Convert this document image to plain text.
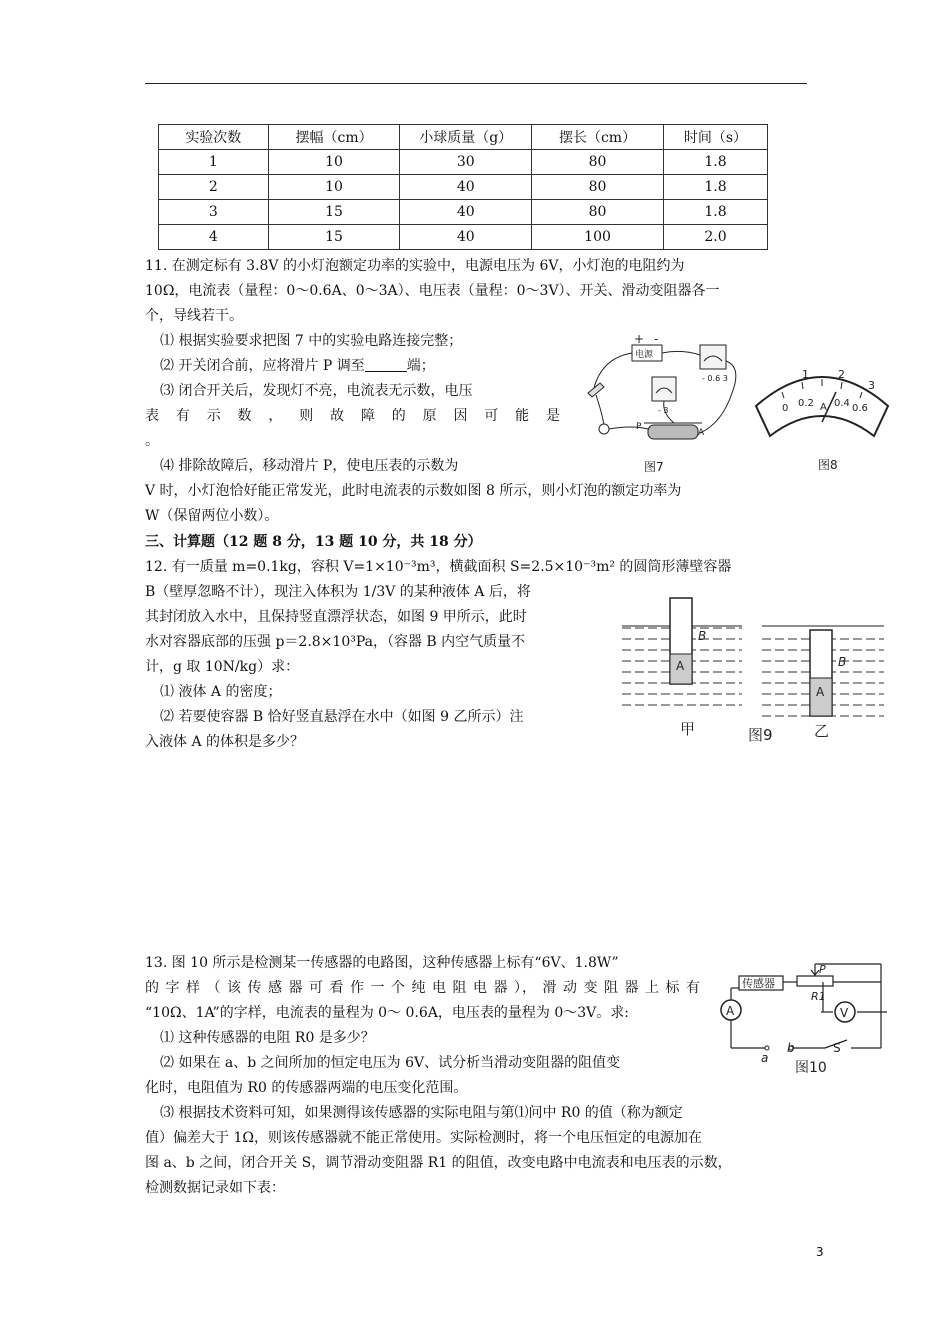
实验次数	摆幅（cm）	小球质量（g）	摆长（cm）	时间（s）
1	10	30	80	1.8
2	10	40	80	1.8
3	15	40	80	1.8
4	15	40	100	2.0
11. 在测定标有 3.8V 的小灯泡额定功率的实验中，电源电压为 6V，小灯泡的电阻约为
10Ω，电流表（量程：0～0.6A、0～3A）、电压表（量程：0～3V）、开关、滑动变阻器各一
个，导线若干。
⑴ 根据实验要求把图 7 中的实验电路连接完整；
⑵ 开关闭合前，应将滑片 P 调至	端；
⑶ 闭合开关后，发现灯不亮，电流表无示数，电压
表 有 示 数 ， 则 故 障 的 原 因 可 能 是
。
⑷ 排除故障后，移动滑片 P，使电压表的示数为
V 时，小灯泡恰好能正常发光，此时电流表的示数如图 8 所示，则小灯泡的额定功率为
W（保留两位小数）。
+ -
电源
- 0.6 3
- 3
P
A
图7
1	2
3
0 0.2 0.4 0.6
A
图8
三、计算题（12 题 8 分，13 题 10 分，共 18 分）
12. 有一质量 m=0.1kg，容积 V=1×10⁻³m³，横截面积 S=2.5×10⁻³m² 的圆筒形薄壁容器
B（壁厚忽略不计），现注入体积为 1/3V 的某种液体 A 后，将
其封闭放入水中，且保持竖直漂浮状态，如图 9 甲所示，此时
水对容器底部的压强 p＝2.8×10³Pa，（容器 B 内空气质量不
计，g 取 10N/kg）求：
⑴ 液体 A 的密度；
⑵ 若要使容器 B 恰好竖直悬浮在水中（如图 9 乙所示）注
入液体 A 的体积是多少？
A
B
A
B
甲	图9	乙
13. 图 10 所示是检测某一传感器的电路图，这种传感器上标有“6V、1.8W”
的 字 样 （ 该 传 感 器 可 看 作 一 个 纯 电 阻 电 器 ）， 滑 动 变 阻 器 上 标 有
“10Ω、1A”的字样，电流表的量程为 0～ 0.6A，电压表的量程为 0～3V。求:
⑴ 这种传感器的电阻 R0 是多少？
⑵ 如果在 a、b 之间所加的恒定电压为 6V、试分析当滑动变阻器的阻值变
化时，电阻值为 R0 的传感器两端的电压变化范围。
⑶ 根据技术资料可知，如果测得该传感器的实际电阻与第⑴问中 R0 的值（称为额定
值）偏差大于 1Ω，则该传感器就不能正常使用。实际检测时，将一个电压恒定的电源加在
图 a、b 之间，闭合开关 S，调节滑动变阻器 R1 的阻值，改变电路中电流表和电压表的示数，
检测数据记录如下表：
传感器
P
R1
A	V
a
b	S
图10
3
